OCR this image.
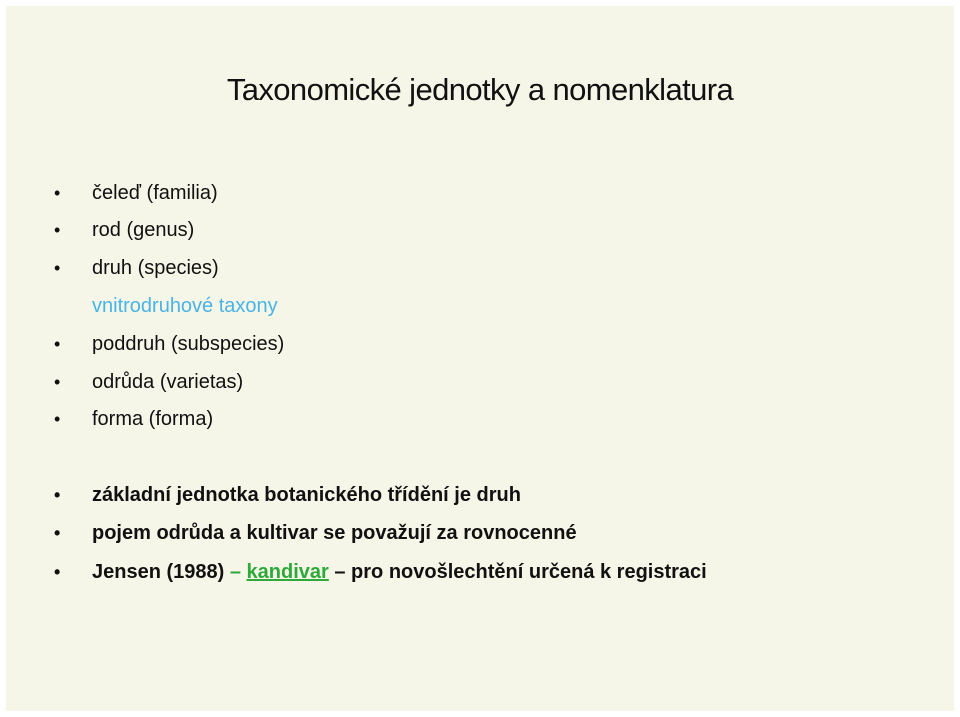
Taxonomické jednotky a nomenklatura
• čeleď (familia)
• rod (genus)
• druh (species)
vnitrodruhové taxony
• poddruh (subspecies)
• odrůda (varietas)
• forma (forma)
• základní jednotka botanického třídění je druh
• pojem odrůda a kultivar se považují za rovnocenné
• Jensen (1988) – kandivar – pro novošlechtění určená k registraci
